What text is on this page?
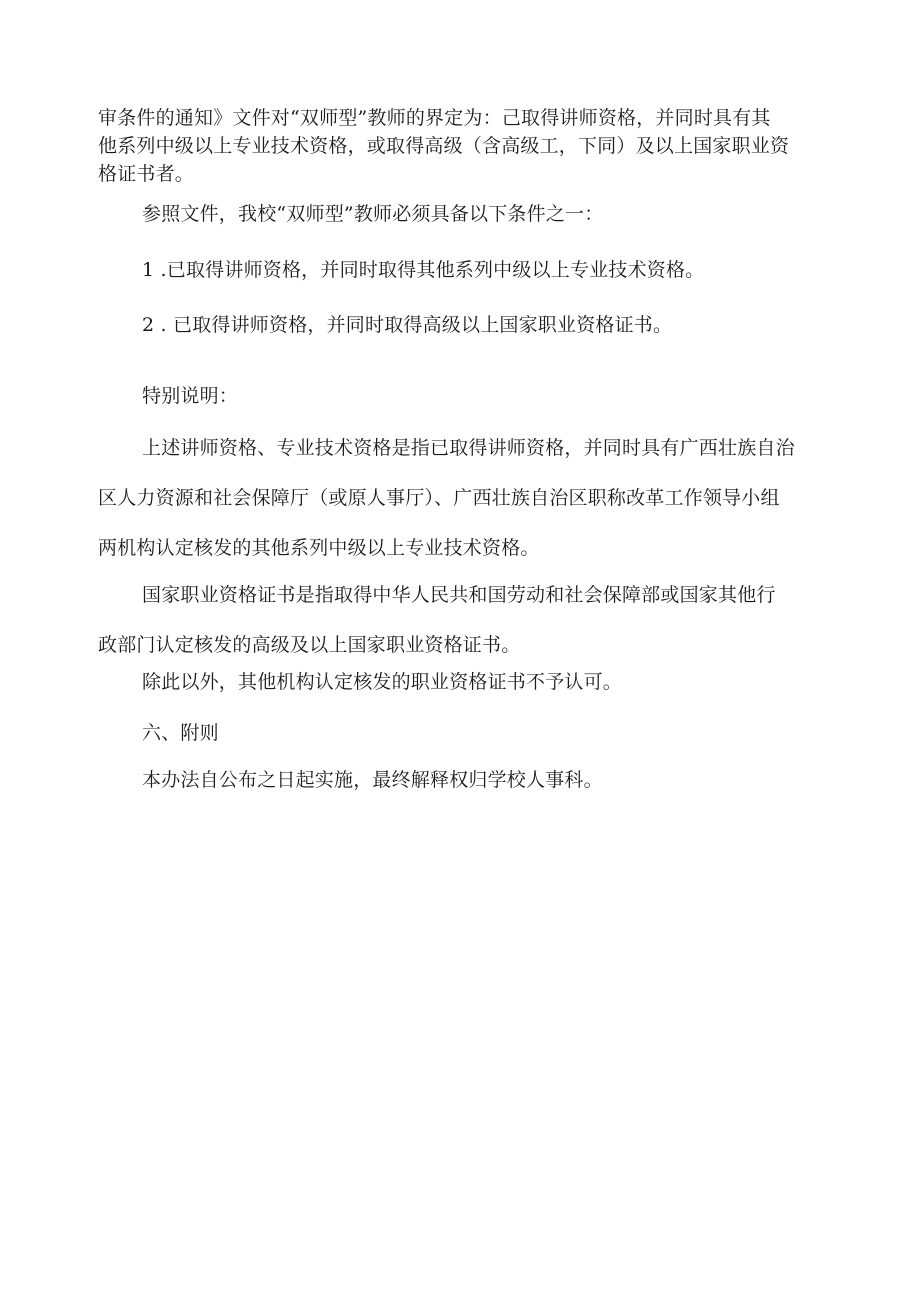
审条件的通知》文件对“双师型”教师的界定为：己取得讲师资格，并同时具有其
他系列中级以上专业技术资格，或取得高级（含高级工，下同）及以上国家职业资
格证书者。

参照文件，我校“双师型”教师必须具备以下条件之一：

1 .已取得讲师资格，并同时取得其他系列中级以上专业技术资格。

2 . 已取得讲师资格，并同时取得高级以上国家职业资格证书。

特别说明：

上述讲师资格、专业技术资格是指已取得讲师资格，并同时具有广西壮族自治
区人力资源和社会保障厅（或原人事厅）、广西壮族自治区职称改革工作领导小组
两机构认定核发的其他系列中级以上专业技术资格。

国家职业资格证书是指取得中华人民共和国劳动和社会保障部或国家其他行
政部门认定核发的高级及以上国家职业资格证书。

除此以外，其他机构认定核发的职业资格证书不予认可。

六、附则

本办法自公布之日起实施，最终解释权归学校人事科。
